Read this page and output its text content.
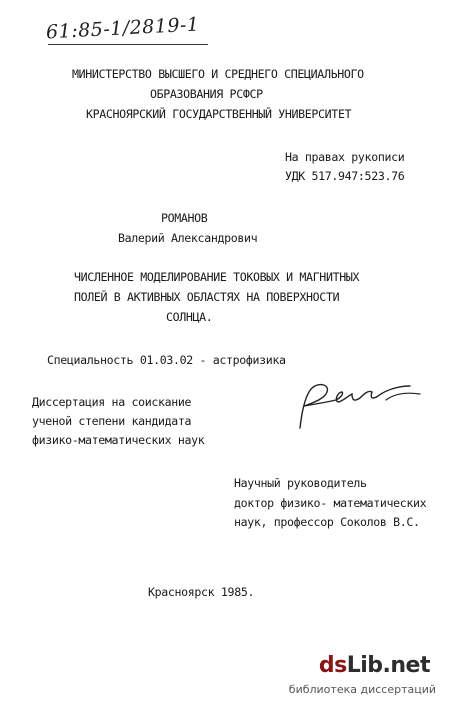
61:85-1/2819-1
МИНИСТЕРСТВО ВЫСШЕГО И СРЕДНЕГО СПЕЦИАЛЬНОГО
ОБРАЗОВАНИЯ РСФСР
КРАСНОЯРСКИЙ ГОСУДАРСТВЕННЫЙ УНИВЕРСИТЕТ
На правах рукописи
УДК 517.947:523.76
РОМАНОВ
Валерий Александрович
ЧИСЛЕННОЕ МОДЕЛИРОВАНИЕ ТОКОВЫХ И МАГНИТНЫХ
ПОЛЕЙ В АКТИВНЫХ ОБЛАСТЯХ НА ПОВЕРХНОСТИ
СОЛНЦА.
Специальность 01.03.02 - астрофизика
Диссертация на соискание
ученой степени кандидата
физико-математических наук
Научный руководитель
доктор физико- математических
наук, профессор Соколов В.С.
Красноярск 1985.
dsLib.net
библиотека диссертаций
